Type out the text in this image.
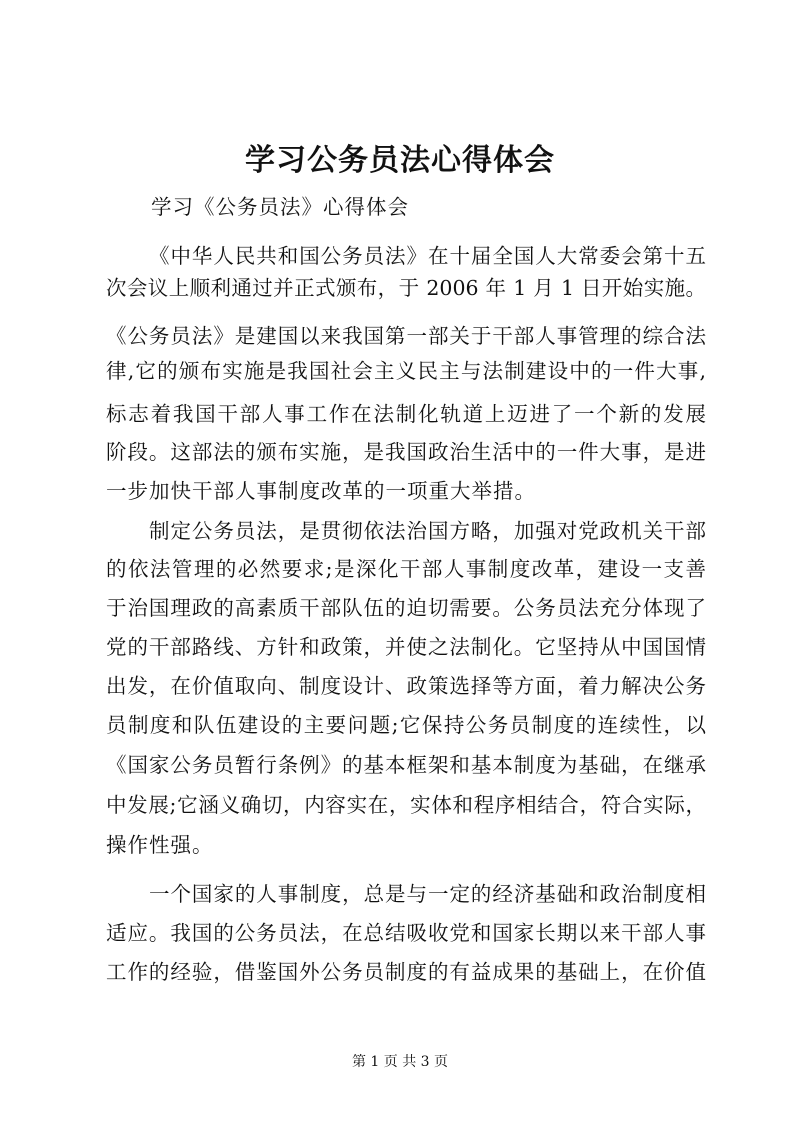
学习公务员法心得体会
学习《公务员法》心得体会
《中华人民共和国公务员法》在十届全国人大常委会第十五
次会议上顺利通过并正式颁布，于 2006 年 1 月 1 日开始实施。
《公务员法》是建国以来我国第一部关于干部人事管理的综合法
律,它的颁布实施是我国社会主义民主与法制建设中的一件大事,
标志着我国干部人事工作在法制化轨道上迈进了一个新的发展
阶段。这部法的颁布实施，是我国政治生活中的一件大事，是进
一步加快干部人事制度改革的一项重大举措。
制定公务员法，是贯彻依法治国方略，加强对党政机关干部
的依法管理的必然要求;是深化干部人事制度改革，建设一支善
于治国理政的高素质干部队伍的迫切需要。公务员法充分体现了
党的干部路线、方针和政策，并使之法制化。它坚持从中国国情
出发，在价值取向、制度设计、政策选择等方面，着力解决公务
员制度和队伍建设的主要问题;它保持公务员制度的连续性，以
《国家公务员暂行条例》的基本框架和基本制度为基础，在继承
中发展;它涵义确切，内容实在，实体和程序相结合，符合实际，
操作性强。
一个国家的人事制度，总是与一定的经济基础和政治制度相
适应。我国的公务员法，在总结吸收党和国家长期以来干部人事
工作的经验，借鉴国外公务员制度的有益成果的基础上，在价值
第 1 页 共 3 页
